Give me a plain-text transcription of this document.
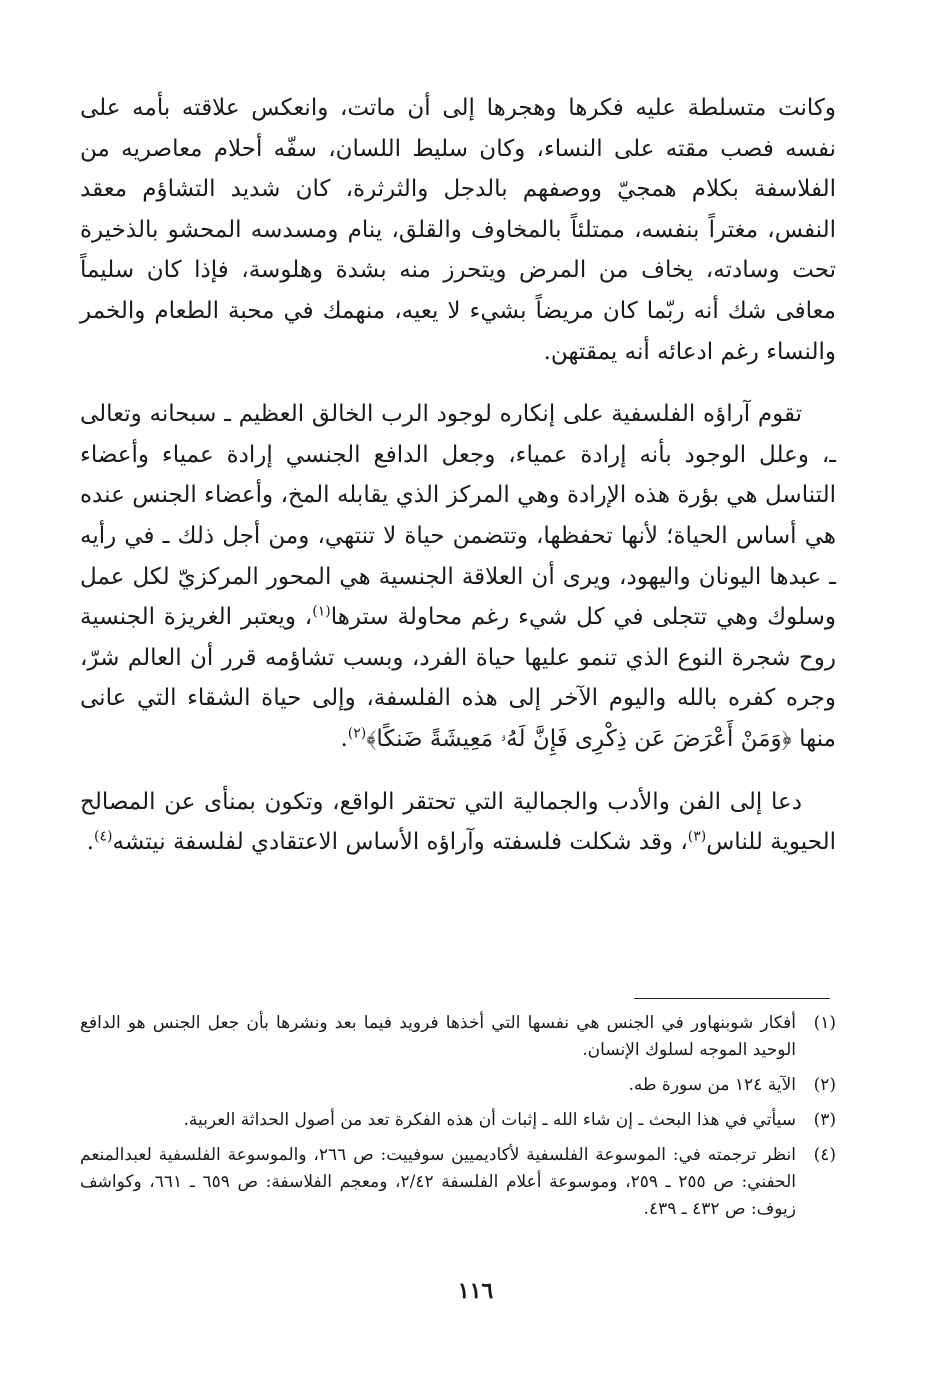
وكانت متسلطة عليه فكرها وهجرها إلى أن ماتت، وانعكس علاقته بأمه على نفسه فصب مقته على النساء، وكان سليط اللسان، سفّه أحلام معاصريه من الفلاسفة بكلام همجيّ ووصفهم بالدجل والثرثرة، كان شديد التشاؤم معقد النفس، مغتراً بنفسه، ممتلئاً بالمخاوف والقلق، ينام ومسدسه المحشو بالذخيرة تحت وسادته، يخاف من المرض ويتحرز منه بشدة وهلوسة، فإذا كان سليماً معافى شك أنه ربّما كان مريضاً بشيء لا يعيه، منهمك في محبة الطعام والخمر والنساء رغم ادعائه أنه يمقتهن.

تقوم آراؤه الفلسفية على إنكاره لوجود الرب الخالق العظيم ـ سبحانه وتعالى ـ، وعلل الوجود بأنه إرادة عمياء، وجعل الدافع الجنسي إرادة عمياء وأعضاء التناسل هي بؤرة هذه الإرادة وهي المركز الذي يقابله المخ، وأعضاء الجنس عنده هي أساس الحياة؛ لأنها تحفظها، وتتضمن حياة لا تنتهي، ومن أجل ذلك ـ في رأيه ـ عبدها اليونان واليهود، ويرى أن العلاقة الجنسية هي المحور المركزيّ لكل عمل وسلوك وهي تتجلى في كل شيء رغم محاولة سترها$^{(١)}$، ويعتبر الغريزة الجنسية روح شجرة النوع الذي تنمو عليها حياة الفرد، وبسب تشاؤمه قرر أن العالم شرّ، وجره كفره بالله واليوم الآخر إلى هذه الفلسفة، وإلى حياة الشقاء التي عانى منها ﴿وَمَنْ أَعْرَضَ عَن ذِكْرِى فَإِنَّ لَهُۥ مَعِيشَةً ضَنكًا﴾$^{(٢)}$.

دعا إلى الفن والأدب والجمالية التي تحتقر الواقع، وتكون بمنأى عن المصالح الحيوية للناس$^{(٣)}$، وقد شكلت فلسفته وآراؤه الأساس الاعتقادي لفلسفة نيتشه$^{(٤)}$.

(١)
أفكار شوبنهاور في الجنس هي نفسها التي أخذها فرويد فيما بعد ونشرها بأن جعل الجنس هو الدافع الوحيد الموجه لسلوك الإنسان.
(٢)
الآية ١٢٤ من سورة طه.
(٣)
سيأتي في هذا البحث ـ إن شاء الله ـ إثبات أن هذه الفكرة تعد من أصول الحداثة العربية.
(٤)
انظر ترجمته في: الموسوعة الفلسفية لأكاديميين سوفييت: ص ٢٦٦، والموسوعة الفلسفية لعبدالمنعم الحفني: ص ٢٥٥ ـ ٢٥٩، وموسوعة أعلام الفلسفة ٢/٤٢، ومعجم الفلاسفة: ص ٦٥٩ ـ ٦٦١، وكواشف زيوف: ص ٤٣٢ ـ ٤٣٩.
١١٦
